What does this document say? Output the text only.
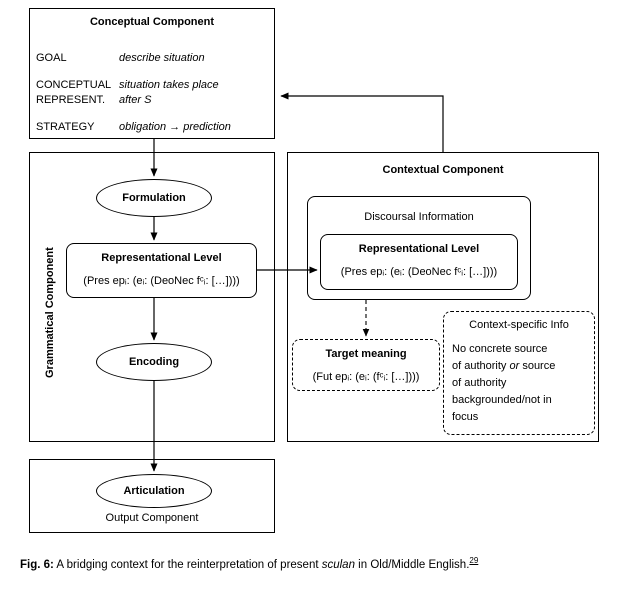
Conceptual Component
GOAL	describe situation
CONCEPTUAL
REPRESENT.
situation takes place
after S
STRATEGY obligation → prediction
Grammatical Component
Formulation
Representational Level
(Pres epᵢ: (eᵢ: (DeoNec fᶜᵢ: […])))
Encoding
Articulation
Output Component
Contextual Component
Discoursal Information
Representational Level
(Pres epᵢ: (eᵢ: (DeoNec fᶜᵢ: […])))
Target meaning
(Fut epᵢ: (eᵢ: (fᶜᵢ: […])))
Context-specific Info
No concrete source
of authority or source
of authority
backgrounded/not in
focus
Fig. 6: A bridging context for the reinterpretation of present sculan in Old/Middle English.$^{29}$
